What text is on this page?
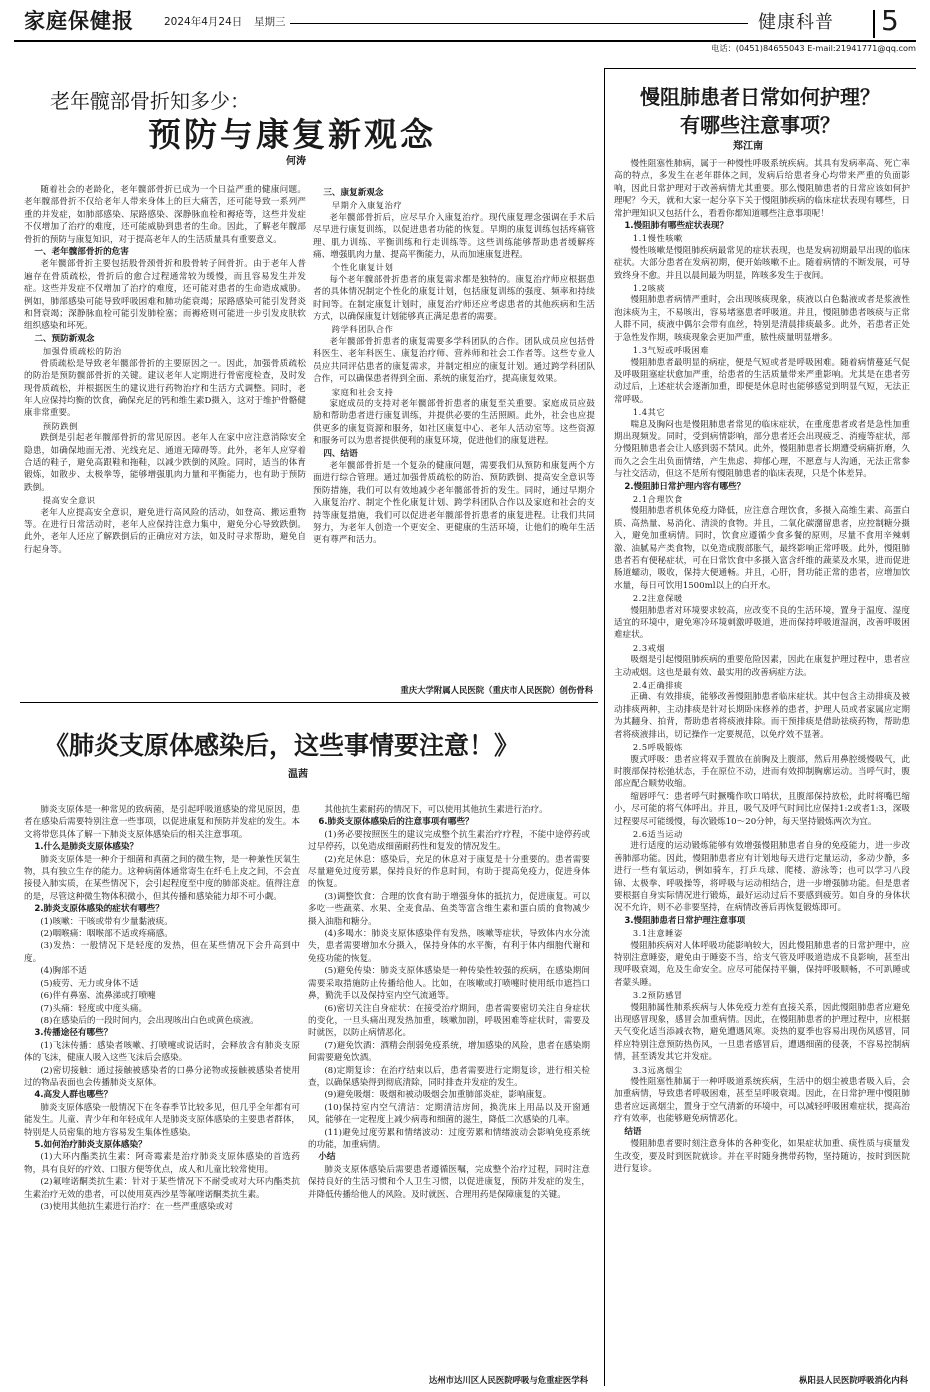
家庭保健报	2024年4月24日 星期三	健康科普 5
电话：(0451)84655043 E-mail:21941771@qq.com
老年髋部骨折知多少：
预防与康复新观念
何涛
随着社会的老龄化，老年髋部骨折已成为一个日益严重的健康问题。老年髋部骨折不仅给老年人带来身体上的巨大痛苦，还可能导致一系列严重的并发症，如肺部感染、尿路感染、深静脉血栓和褥疮等，这些并发症不仅增加了治疗的难度，还可能威胁到患者的生命。因此，了解老年髋部骨折的预防与康复知识，对于提高老年人的生活质量具有重要意义。
一、老年髋部骨折的危害
老年髋部骨折主要包括股骨颈骨折和股骨转子间骨折。由于老年人普遍存在骨质疏松，骨折后的愈合过程通常较为缓慢，而且容易发生并发症。这些并发症不仅增加了治疗的难度，还可能对患者的生命造成威胁。例如，肺部感染可能导致呼吸困难和肺功能衰竭；尿路感染可能引发肾炎和肾衰竭；深静脉血栓可能引发肺栓塞；而褥疮则可能进一步引发皮肤软组织感染和坏死。
二、预防新观念
加强骨质疏松的防治
骨质疏松是导致老年髋部骨折的主要原因之一。因此，加强骨质疏松的防治是预防髋部骨折的关键。建议老年人定期进行骨密度检查，及时发现骨质疏松，并根据医生的建议进行药物治疗和生活方式调整。同时，老年人应保持均衡的饮食，确保充足的钙和维生素D摄入，这对于维护骨骼健康非常重要。
预防跌倒
跌倒是引起老年髋部骨折的常见原因。老年人在家中应注意消除安全隐患，如确保地面无滑、光线充足、通道无障碍等。此外，老年人应穿着合适的鞋子，避免高跟鞋和拖鞋，以减少跌倒的风险。同时，适当的体育锻炼，如散步、太极拳等，能够增强肌肉力量和平衡能力，也有助于预防跌倒。
提高安全意识
老年人应提高安全意识，避免进行高风险的活动，如登高、搬运重物等。在进行日常活动时，老年人应保持注意力集中，避免分心导致跌倒。此外，老年人还应了解跌倒后的正确应对方法，如及时寻求帮助，避免自行起身等。
三、康复新观念
早期介入康复治疗
老年髋部骨折后，应尽早介入康复治疗。现代康复理念强调在手术后尽早进行康复训练，以促进患者功能的恢复。早期的康复训练包括疼痛管理、肌力训练、平衡训练和行走训练等。这些训练能够帮助患者缓解疼痛、增强肌肉力量、提高平衡能力，从而加速康复进程。
个性化康复计划
每个老年髋部骨折患者的康复需求都是独特的。康复治疗师应根据患者的具体情况制定个性化的康复计划，包括康复训练的强度、频率和持续时间等。在制定康复计划时，康复治疗师还应考虑患者的其他疾病和生活方式，以确保康复计划能够真正满足患者的需要。
跨学科团队合作
老年髋部骨折患者的康复需要多学科团队的合作。团队成员应包括骨科医生、老年科医生、康复治疗师、营养师和社会工作者等。这些专业人员应共同评估患者的康复需求，并制定相应的康复计划。通过跨学科团队合作，可以确保患者得到全面、系统的康复治疗，提高康复效果。
家庭和社会支持
家庭成员的支持对老年髋部骨折患者的康复至关重要。家庭成员应鼓励和帮助患者进行康复训练，并提供必要的生活照顾。此外，社会也应提供更多的康复资源和服务，如社区康复中心、老年人活动室等。这些资源和服务可以为患者提供便利的康复环境，促进他们的康复进程。
四、结语
老年髋部骨折是一个复杂的健康问题，需要我们从预防和康复两个方面进行综合管理。通过加强骨质疏松的防治、预防跌倒、提高安全意识等预防措施，我们可以有效地减少老年髋部骨折的发生。同时，通过早期介入康复治疗、制定个性化康复计划、跨学科团队合作以及家庭和社会的支持等康复措施，我们可以促进老年髋部骨折患者的康复进程。让我们共同努力，为老年人创造一个更安全、更健康的生活环境，让他们的晚年生活更有尊严和活力。
重庆大学附属人民医院（重庆市人民医院）创伤骨科
《肺炎支原体感染后，这些事情要注意！》
温茜
肺炎支原体是一种常见的致病菌，是引起呼吸道感染的常见原因，患者在感染后需要特别注意一些事项，以促进康复和预防并发症的发生。本文将带您具体了解一下肺炎支原体感染后的相关注意事项。
1.什么是肺炎支原体感染？
肺炎支原体是一种介于细菌和真菌之间的微生物，是一种兼性厌氧生物，具有独立生存的能力。这种病菌体通常寄生在纤毛上皮之间，不会直接侵入肺实质，在某些情况下，会引起程度至中度的肺部炎症。值得注意的是，尽管这种微生物体积微小，但其传播和感染能力却不可小觑。
2.肺炎支原体感染的症状有哪些？
(1)咳嗽：干咳或带有少量黏液痰。
(2)咽喉痛：咽喉部不适或疼痛感。
(3)发热：一般情况下是轻度的发热，但在某些情况下会升高到中度。
(4)胸部不适
(5)疲劳、无力或身体不适
(6)伴有鼻塞、流鼻涕或打喷嚏
(7)头痛：轻度或中度头痛。
(8)在感染后的一段时间内，会出现咳出白色或黄色痰液。
3.传播途径有哪些？
(1)飞沫传播：感染者咳嗽、打喷嚏或说话时，会释放含有肺炎支原体的飞沫，健康人吸入这些飞沫后会感染。
(2)密切接触：通过接触被感染者的口鼻分泌物或接触被感染者使用过的物品表面也会传播肺炎支原体。
4.高发人群也哪些？
肺炎支原体感染一般情况下在冬春季节比较多见，但几乎全年都有可能发生。儿童、青少年和年轻成年人是肺炎支原体感染的主要患者群体，特别是人员密集的地方容易发生集体性感染。
5.如何治疗肺炎支原体感染？
(1)大环内酯类抗生素：阿奇霉素是治疗肺炎支原体感染的首选药物，具有良好的疗效、口服方便等优点，成人和儿童比较常使用。
(2)氟喹诺酮类抗生素：针对于某些情况下不耐受或对大环内酯类抗生素治疗无效的患者，可以使用莫西沙星等氟喹诺酮类抗生素。
(3)使用其他抗生素进行治疗：在一些严重感染或对
其他抗生素耐药的情况下，可以使用其他抗生素进行治疗。
6.肺炎支原体感染后的注意事项有哪些？
(1)务必要按照医生的建议完成整个抗生素治疗疗程，不能中途停药或过早停药，以免造成细菌耐药性和复发的情况发生。
(2)充足休息：感染后，充足的休息对于康复是十分重要的。患者需要尽量避免过度劳累，保持良好的作息时间，有助于提高免疫力，促进身体的恢复。
(3)调整饮食：合理的饮食有助于增强身体的抵抗力，促进康复。可以多吃一些蔬菜、水果、全麦食品、鱼类等富含维生素和蛋白质的食物减少摄入油脂和糖分。
(4)多喝水：肺炎支原体感染伴有发热，咳嗽等症状，导致体内水分流失，患者需要增加水分摄入，保持身体的水平衡，有利于体内细胞代谢和免疫功能的恢复。
(5)避免传染：肺炎支原体感染是一种传染性较强的疾病，在感染期间需要采取措施防止传播给他人。比如，在咳嗽或打喷嚏时使用纸巾遮挡口鼻，勤洗手以及保持室内空气流通等。
(6)密切关注自身症状：在接受治疗期间，患者需要密切关注自身症状的变化，一旦头痛出现发热加重，咳嗽加剧，呼吸困难等症状时，需要及时就医，以防止病情恶化。
(7)避免饮酒：酒精会削弱免疫系统，增加感染的风险，患者在感染期间需要避免饮酒。
(8)定期复诊：在治疗结束以后，患者需要进行定期复诊，进行相关检查，以确保感染得到彻底清除，同时排查并发症的发生。
(9)避免吸烟：吸烟和被动吸烟会加重肺部炎症，影响康复。
(10)保持室内空气清洁：定期清洁房间，换洗床上用品以及开窗通风，能够在一定程度上减少病毒和细菌的滋生，降低二次感染的几率。
(11)避免过度劳累和情绪波动：过度劳累和情绪波动会影响免疫系统的功能，加重病情。
小结
肺炎支原体感染后需要患者遵循医嘱，完成整个治疗过程，同时注意保持良好的生活习惯和个人卫生习惯，以促进康复，预防并发症的发生，并降低传播给他人的风险。及时就医、合理用药是保障康复的关键。
达州市达川区人民医院呼吸与危重症医学科
慢阻肺患者日常如何护理？
有哪些注意事项？
郑江南
慢性阻塞性肺病，属于一种慢性呼吸系统疾病。其具有发病率高、死亡率高的特点，多发生在老年群体之间，发病后给患者身心均带来严重的负面影响，因此日常护理对于改善病情尤其重要。那么慢阻肺患者的日常应该如何护理呢？今天，就和大家一起分享下关于慢阻肺疾病的临床症状表现有哪些，日常护理知识又包括什么，看看你都知道哪些注意事项呢！
1.慢阻肺有哪些症状表现？
1.1慢性咳嗽
慢性咳嗽是慢阻肺疾病最常见的症状表现，也是发病初期最早出现的临床症状。大部分患者在发病初期，便开始咳嗽不止。随着病情的不断发展，可导致终身不愈。并且以晨间最为明显，阵咳多发生于夜间。
1.2咳痰
慢阻肺患者病情严重时，会出现咳痰现象，痰液以白色黏液或者是浆液性泡沫痰为主，不易咳出，容易堵塞患者呼吸道。并且，慢阻肺患者咳痰与正常人群不同，痰液中偶尔会带有血丝，特别是清晨排痰最多。此外，若患者正处于急性发作期，咳痰现象会更加严重，脓性痰量明显增多。
1.3气短或呼吸困难
慢阻肺患者最明显的病症，便是气短或者是呼吸困难。随着病情蔓延气促及呼吸阻塞症状愈加严重，给患者的生活质量带来严重影响。尤其是在患者劳动过后，上述症状会逐渐加重，即便是休息时也能够感觉到明显气短，无法正常呼吸。
1.4其它
喘息及胸闷也是慢阻肺患者常见的临床症状，在重度患者或者是急性加重期出现频发。同时，受到病情影响，部分患者还会出现疲乏、消瘦等症状，部分慢阻肺患者会让人感到弱不禁风。此外，慢阻肺患者长期遭受病痛折磨，久而久之会生出负面情绪，产生焦虑、抑郁心理，不愿意与人沟通，无法正常参与社交活动，但这不是所有慢阻肺患者的临床表现，只是个体差异。
2.慢阻肺日常护理内容有哪些？
2.1合理饮食
慢阻肺患者机体免疫力降低，应注意合理饮食，多摄入高维生素、高蛋白质、高热量、易消化、清淡的食物。并且，二氧化碳潴留患者，应控制糖分摄入，避免加重病情。同时，饮食应遵循少食多餐的原则，尽量不食用辛辣刺激、油腻易产类食物，以免造成腹部胀气，最终影响正常呼吸。此外，慢阻肺患者若有便秘症状，可在日常饮食中多摄入富含纤维的蔬菜及水果，进而促进肠道蠕动，吸收，保持大便通畅。并且，心肝，肾功能正常的患者，应增加饮水量，每日可饮用1500ml以上的白开水。
2.2注意保暖
慢阻肺患者对环境要求较高，应改变不良的生活环境，置身于温度、湿度适宜的环境中，避免寒冷环境刺激呼吸道，进而保持呼吸道湿润，改善呼吸困难症状。
2.3戒烟
吸烟是引起慢阻肺疾病的重要危险因素，因此在康复护理过程中，患者应主动戒烟。这也是最有效、最实用的改善病症方法。
2.4正确排痰
正确、有效排痰，能够改善慢阻肺患者临床症状。其中包含主动排痰及被动排痰两种，主动排痰是针对长期卧床修养的患者，护理人员或者家属应定期为其翻身、拍背，帮助患者将痰液排除。而干预排痰是借助祛痰药物，帮助患者将痰液排出，切记操作一定要规范，以免疗效不显著。
2.5呼吸锻炼
腹式呼吸：患者应将双手置放在前胸及上腹部，然后用鼻腔缓慢吸气，此时腹部保持松弛状态，手在原位不动，进而有效抑制胸廓运动。当呼气时，腹部应配合顺势收缩。
缩唇呼气：患者呼气时撅嘴作吹口哨状，且腹部保持放松，此时将嘴巴缩小，尽可能的将气体呼出。并且，吸气及呼气时间比应保持1:2或者1:3，深吸过程要尽可能缓慢，每次锻炼10～20分钟，每天坚持锻炼两次为宜。
2.6适当运动
进行适度的运动锻炼能够有效增强慢阻肺患者自身的免疫能力，进一步改善肺部功能。因此，慢阻肺患者应有计划地每天进行定量运动，多动少静，多进行一些有氧运动，例如骑车，打乒乓球、爬楼、游泳等；也可以学习八段锦、太极拳、呼吸操等，将呼吸与运动相结合，进一步增强肺功能。但是患者要根据自身实际情况进行锻炼，最好运动过后不要感到疲劳。如自身的身体状况不允许，则不必非要坚持，在病情改善后再恢复锻炼即可。
3.慢阻肺患者日常护理注意事项
3.1注意睡姿
慢阻肺疾病对人体呼吸功能影响较大，因此慢阻肺患者的日常护理中，应特别注意睡姿，避免由于睡姿不当，给支气管及呼吸道造成不良影响，甚至出现呼吸衰竭，危及生命安全。应尽可能保持平躺，保持呼吸顺畅，不可趴睡或者蒙头睡。
3.2预防感冒
慢阻肺属性肺系疾病与人体免疫力差有直接关系，因此慢阻肺患者应避免出现感冒现象，感冒会加重病情。因此，在慢阻肺患者的护理过程中，应根据天气变化适当添减衣物，避免遭遇风寒。炎热的夏季也容易出现伤风感冒，同样应特别注意预防热伤风，一旦患者感冒后，遭遇细菌的侵袭，不容易控制病情，甚至诱发其它并发症。
3.3远离烟尘
慢性阻塞性肺属于一种呼吸道系统疾病，生活中的烟尘被患者吸入后，会加重病情，导致患者呼吸困难，甚至呈呼吸衰竭。因此，在日常护理中慢阻肺患者应远离烟尘，置身于空气清新的环境中，可以减轻呼吸困难症状，提高治疗有效率，也能够避免病情恶化。
结语
慢阻肺患者要时刻注意身体的各种变化，如果症状加重、痰性质与痰量发生改变，要及时到医院就诊。并在平时随身携带药物，坚持随访，按时到医院进行复诊。
枞阳县人民医院呼吸消化内科
